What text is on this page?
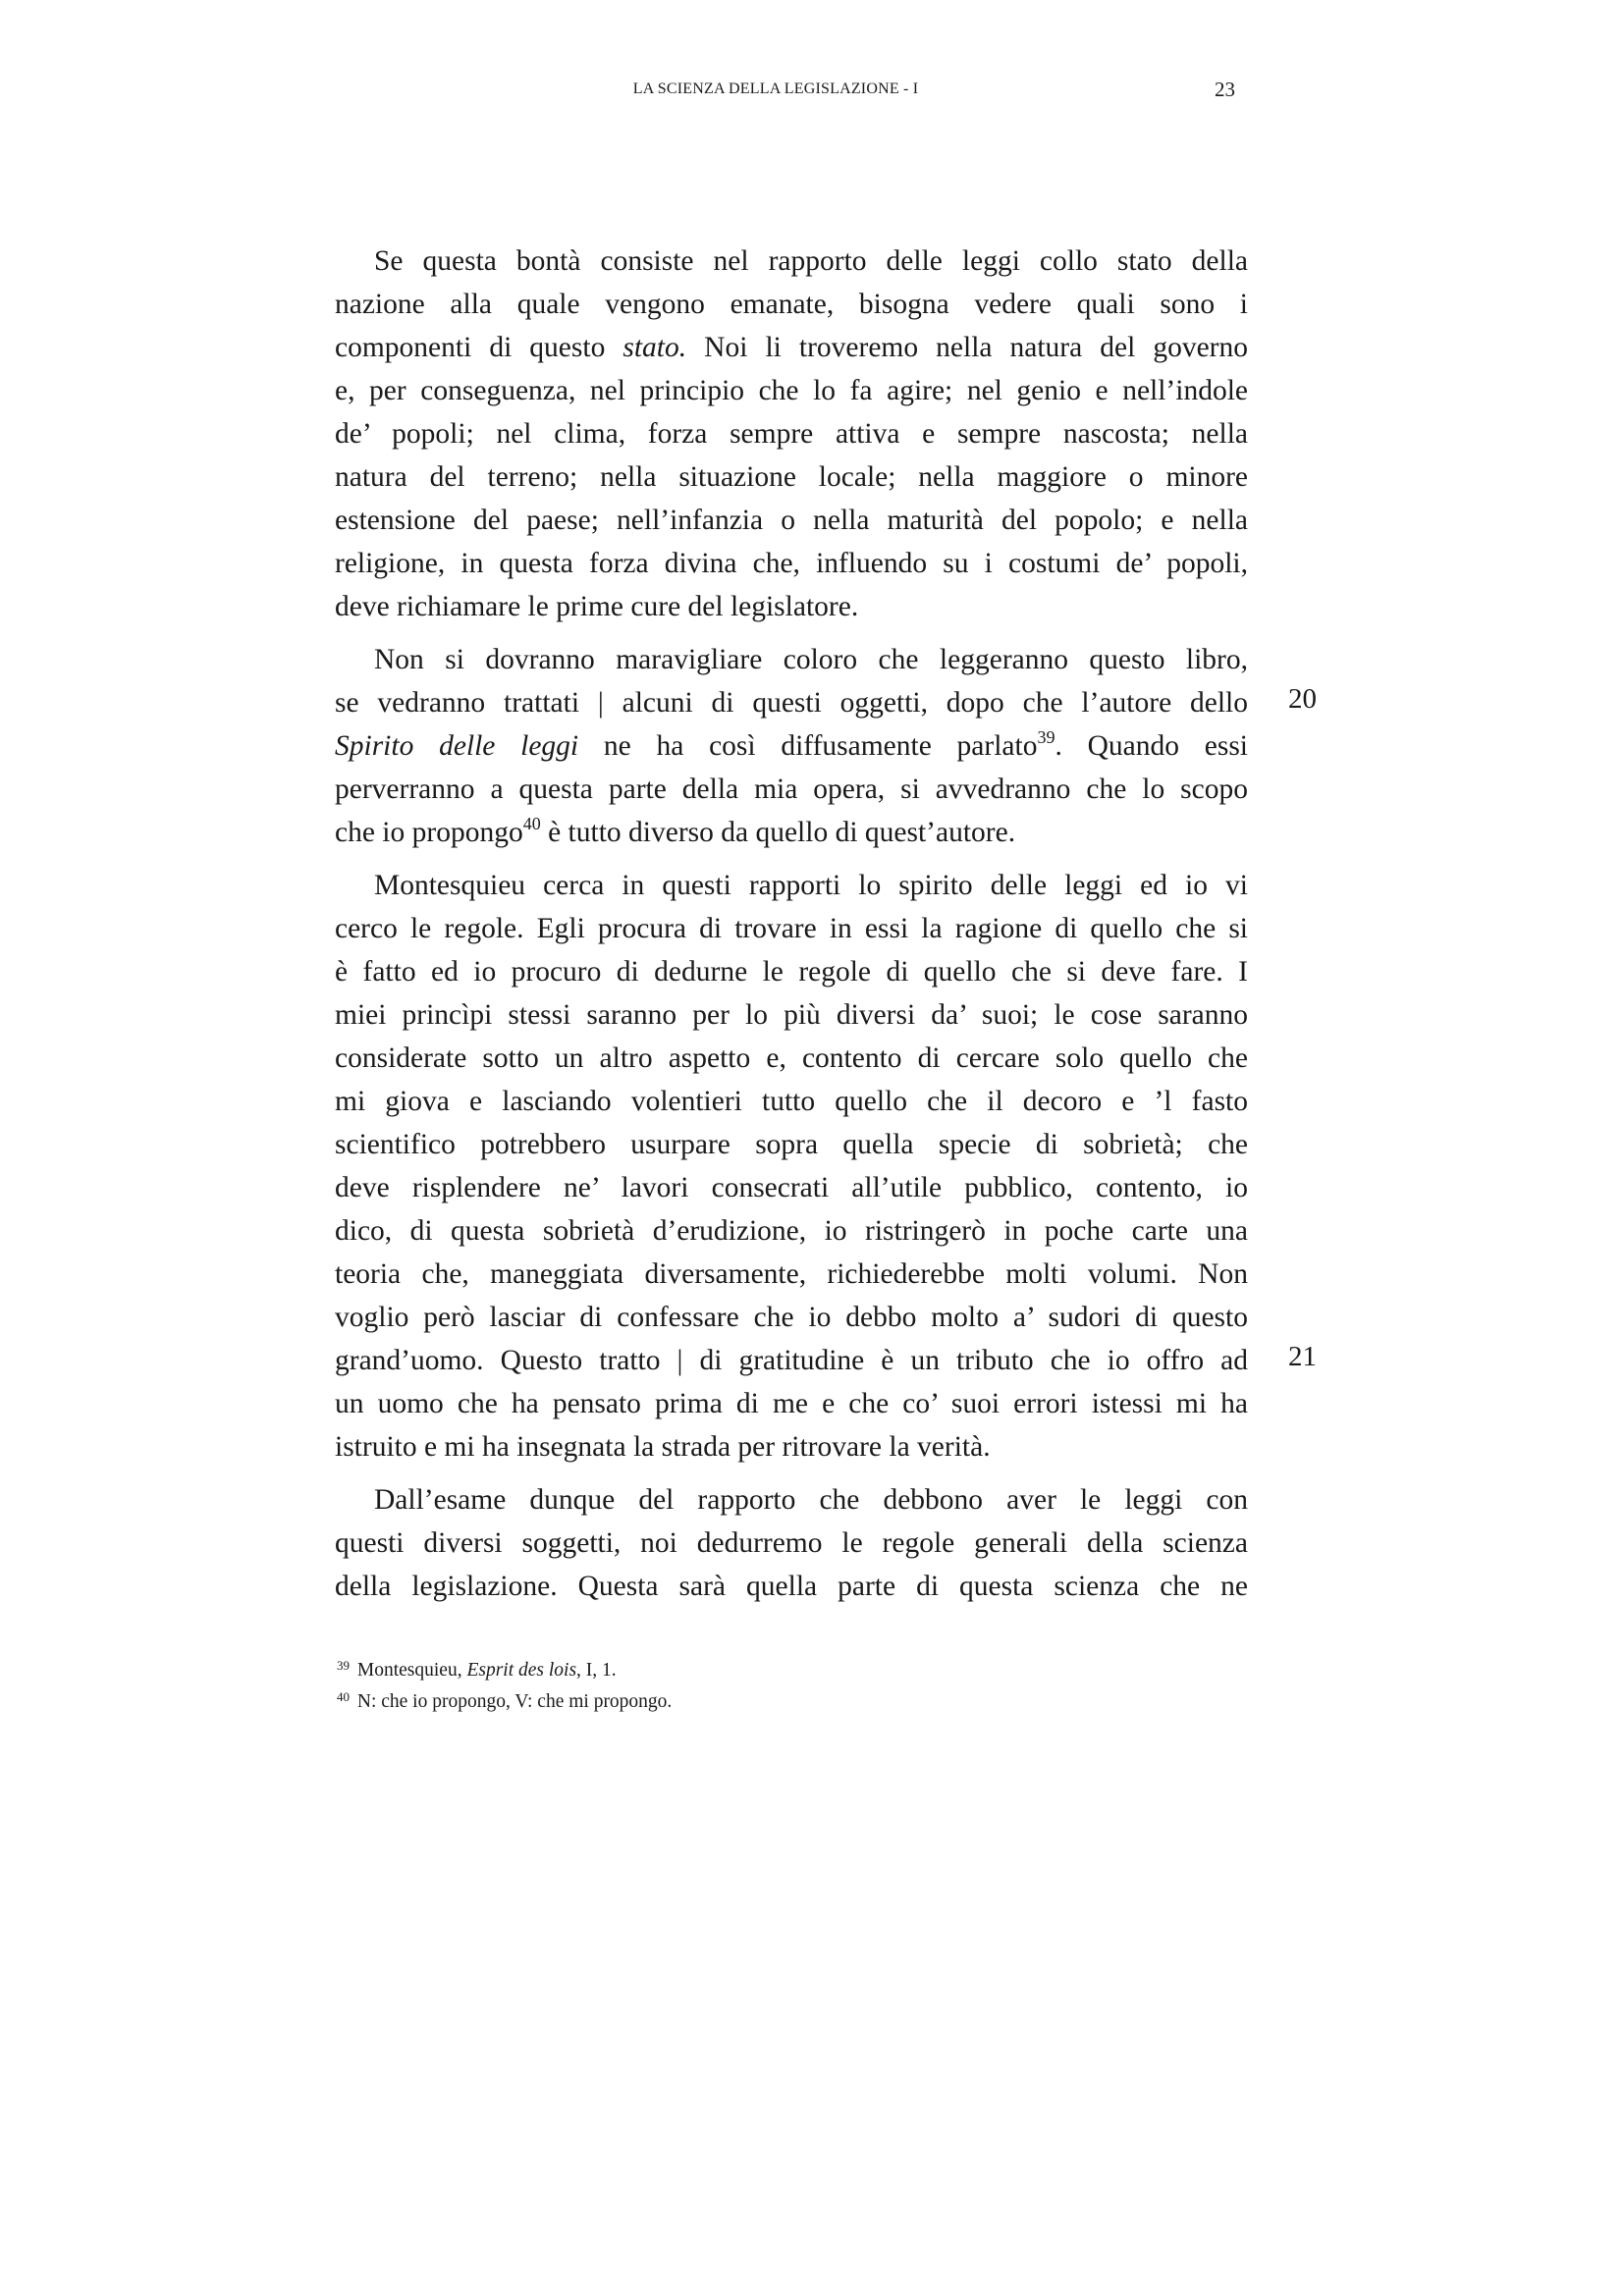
LA SCIENZA DELLA LEGISLAZIONE - I	23
Se questa bontà consiste nel rapporto delle leggi collo stato della
nazione alla quale vengono emanate, bisogna vedere quali sono i
componenti di questo stato. Noi li troveremo nella natura del governo
e, per conseguenza, nel principio che lo fa agire; nel genio e nell’indole
de’ popoli; nel clima, forza sempre attiva e sempre nascosta; nella
natura del terreno; nella situazione locale; nella maggiore o minore
estensione del paese; nell’infanzia o nella maturità del popolo; e nella
religione, in questa forza divina che, influendo su i costumi de’ popoli,
deve richiamare le prime cure del legislatore.
Non si dovranno maravigliare coloro che leggeranno questo libro,
se vedranno trattati | alcuni di questi oggetti, dopo che l’autore dello
Spirito delle leggi ne ha così diffusamente parlato$^{39}$. Quando essi
perverranno a questa parte della mia opera, si avvedranno che lo scopo
che io propongo$^{40}$ è tutto diverso da quello di quest’autore.
Montesquieu cerca in questi rapporti lo spirito delle leggi ed io vi
cerco le regole. Egli procura di trovare in essi la ragione di quello che si
è fatto ed io procuro di dedurne le regole di quello che si deve fare. I
miei princìpi stessi saranno per lo più diversi da’ suoi; le cose saranno
considerate sotto un altro aspetto e, contento di cercare solo quello che
mi giova e lasciando volentieri tutto quello che il decoro e ’l fasto
scientifico potrebbero usurpare sopra quella specie di sobrietà; che
deve risplendere ne’ lavori consecrati all’utile pubblico, contento, io
dico, di questa sobrietà d’erudizione, io ristringerò in poche carte una
teoria che, maneggiata diversamente, richiederebbe molti volumi. Non
voglio però lasciar di confessare che io debbo molto a’ sudori di questo
grand’uomo. Questo tratto | di gratitudine è un tributo che io offro ad
un uomo che ha pensato prima di me e che co’ suoi errori istessi mi ha
istruito e mi ha insegnata la strada per ritrovare la verità.
Dall’esame dunque del rapporto che debbono aver le leggi con
questi diversi soggetti, noi dedurremo le regole generali della scienza
della legislazione. Questa sarà quella parte di questa scienza che ne
20
21
$^{39}$ Montesquieu, Esprit des lois, I, 1.
$^{40}$ N: che io propongo, V: che mi propongo.
